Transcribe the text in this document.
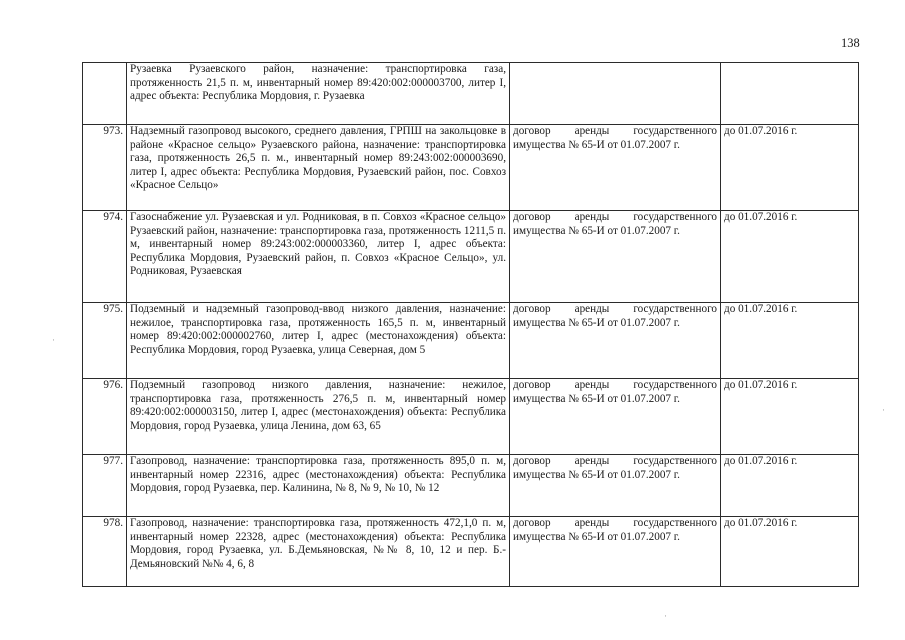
138
	Рузаевка Рузаевского район, назначение: транспортировка газа, протяженность 21,5 п. м, инвентарный номер 89:420:002:000003700, литер I, адрес объекта: Республика Мордовия, г. Рузаевка		
973.	Надземный газопровод высокого, среднего давления, ГРПШ на закольцовке в районе «Красное сельцо» Рузаевского района, назначение: транспортировка газа, протяженность 26,5 п. м., инвентарный номер 89:243:002:000003690, литер I, адрес объекта: Республика Мордовия, Рузаевский район, пос. Совхоз «Красное Сельцо»	договор аренды государственного имущества № 65-И от 01.07.2007 г.	до 01.07.2016 г.
974.	Газоснабжение ул. Рузаевская и ул. Родниковая, в п. Совхоз «Красное сельцо» Рузаевский район, назначение: транспортировка газа, протяженность 1211,5 п. м, инвентарный номер 89:243:002:000003360, литер I, адрес объекта: Республика Мордовия, Рузаевский район, п. Совхоз «Красное Сельцо», ул. Родниковая, Рузаевская	договор аренды государственного имущества № 65-И от 01.07.2007 г.	до 01.07.2016 г.
975.	Подземный и надземный газопровод-ввод низкого давления, назначение: нежилое, транспортировка газа, протяженность 165,5 п. м, инвентарный номер 89:420:002:000002760, литер I, адрес (местонахождения) объекта: Республика Мордовия, город Рузаевка, улица Северная, дом 5	договор аренды государственного имущества № 65-И от 01.07.2007 г.	до 01.07.2016 г.
976.	Подземный газопровод низкого давления, назначение: нежилое, транспортировка газа, протяженность 276,5 п. м, инвентарный номер 89:420:002:000003150, литер I, адрес (местонахождения) объекта: Республика Мордовия, город Рузаевка, улица Ленина, дом 63, 65	договор аренды государственного имущества № 65-И от 01.07.2007 г.	до 01.07.2016 г.
977.	Газопровод, назначение: транспортировка газа, протяженность 895,0 п. м, инвентарный номер 22316, адрес (местонахождения) объекта: Республика Мордовия, город Рузаевка, пер. Калинина, № 8, № 9, № 10, № 12	договор аренды государственного имущества № 65-И от 01.07.2007 г.	до 01.07.2016 г.
978.	Газопровод, назначение: транспортировка газа, протяженность 472,1,0 п. м, инвентарный номер 22328, адрес (местонахождения) объекта: Республика Мордовия, город Рузаевка, ул. Б.Демьяновская, №№ 8, 10, 12 и пер. Б.-Демьяновский №№ 4, 6, 8	договор аренды государственного имущества № 65-И от 01.07.2007 г.	до 01.07.2016 г.
·
·
·
